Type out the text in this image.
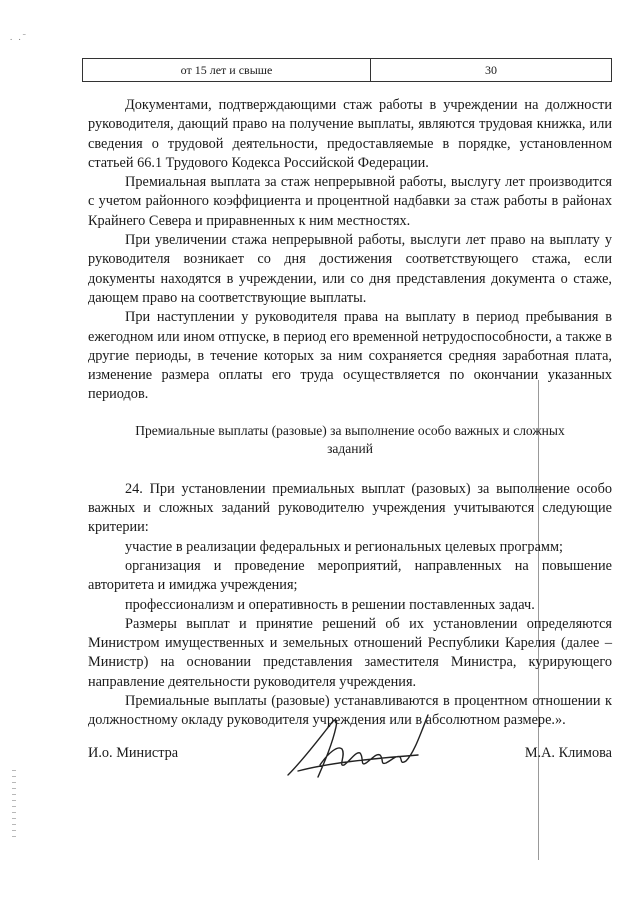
. .ˉ
от 15 лет и свыше	30

Документами, подтверждающими стаж работы в учреждении на должности руководителя, дающий право на получение выплаты, являются трудовая книжка, или сведения о трудовой деятельности, предоставляемые в порядке, установленном статьей 66.1 Трудового Кодекса Российской Федерации.

Премиальная выплата за стаж непрерывной работы, выслугу лет производится с учетом районного коэффициента и процентной надбавки за стаж работы в районах Крайнего Севера и приравненных к ним местностях.

При увеличении стажа непрерывной работы, выслуги лет право на выплату у руководителя возникает со дня достижения соответствующего стажа, если документы находятся в учреждении, или со дня представления документа о стаже, дающем право на соответствующие выплаты.

При наступлении у руководителя права на выплату в период пребывания в ежегодном или ином отпуске, в период его временной нетрудоспособности, а также в другие периоды, в течение которых за ним сохраняется средняя заработная плата, изменение размера оплаты его труда осуществляется по окончании указанных периодов.

Премиальные выплаты (разовые) за выполнение особо важных и сложных заданий

24. При установлении премиальных выплат (разовых) за выполнение особо важных и сложных заданий руководителю учреждения учитываются следующие критерии:

участие в реализации федеральных и региональных целевых программ;

организация и проведение мероприятий, направленных на повышение авторитета и имиджа учреждения;

профессионализм и оперативность в решении поставленных задач.

Размеры выплат и принятие решений об их установлении определяются Министром имущественных и земельных отношений Республики Карелия (далее – Министр) на основании представления заместителя Министра, курирующего направление деятельности руководителя учреждения.

Премиальные выплаты (разовые) устанавливаются в процентном отношении к должностному окладу руководителя учреждения или в абсолютном размере.».

И.о. Министра	М.А. Климова
